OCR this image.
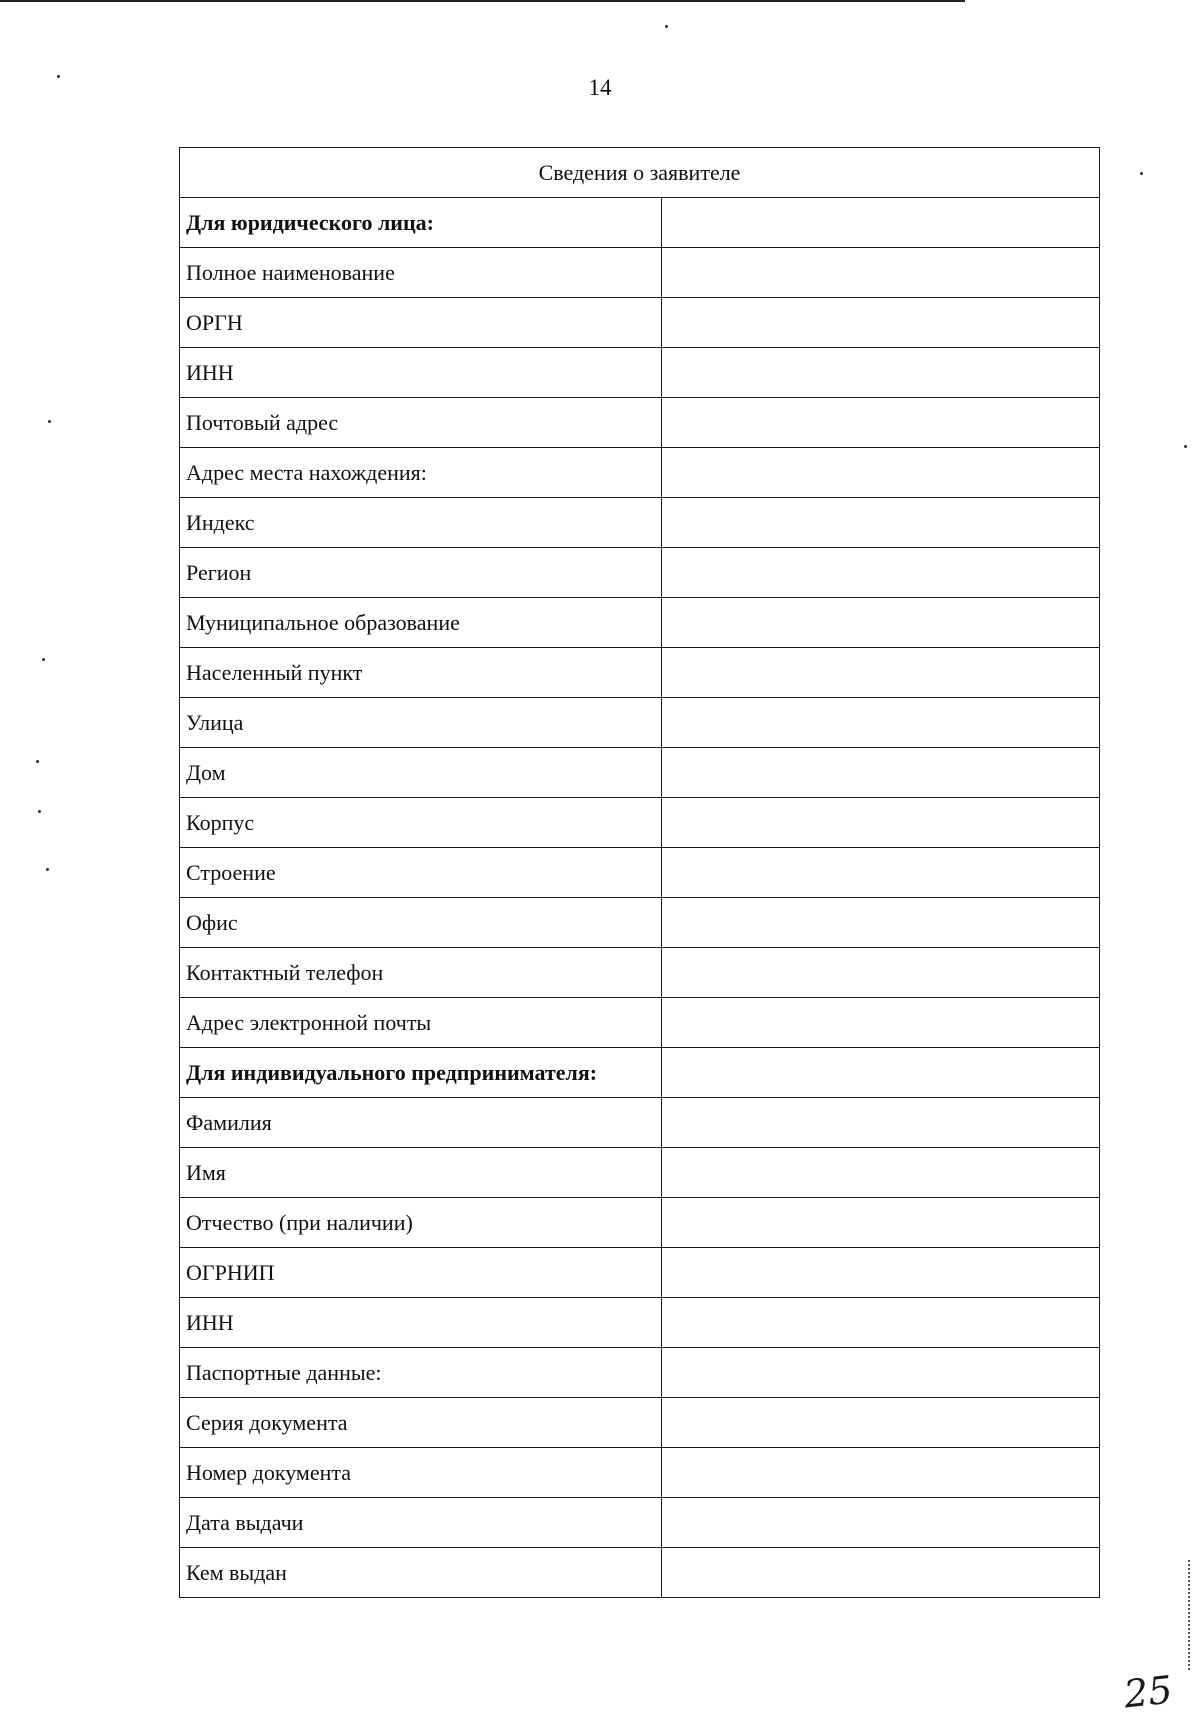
14
Сведения о заявителе	
Для юридического лица:	
Полное наименование	
ОРГН	
ИНН	
Почтовый адрес	
Адрес места нахождения:	
Индекс	
Регион	
Муниципальное образование	
Населенный пункт	
Улица	
Дом	
Корпус	
Строение	
Офис	
Контактный телефон	
Адрес электронной почты	
Для индивидуального предпринимателя:	
Фамилия	
Имя	
Отчество (при наличии)	
ОГРНИП	
ИНН	
Паспортные данные:	
Серия документа	
Номер документа	
Дата выдачи	
Кем выдан	
25
